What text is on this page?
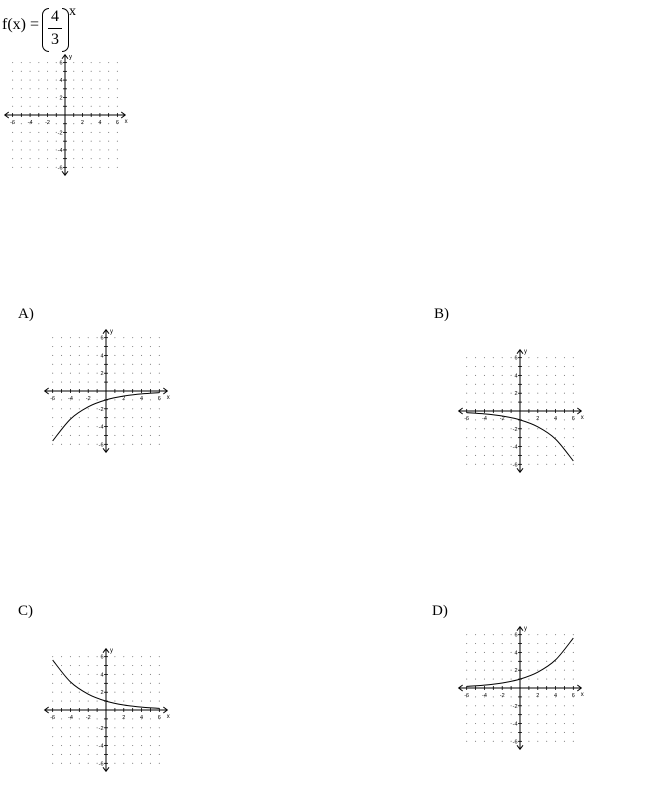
f(x) = 4
3
x
-6 -4 -2	2	4	6
6
4
2
-2
-4
-6
x
y
A)
-6 -4 -2	2	4	6
6
4
2
-2
-4
-6
x
y
B)
-6 -4 -2	2	4	6
6
4
2
-2
-4
-6
x
y
C)
-6 -4 -2	2	4	6
6
4
2
-2
-4
-6
x
y
D)
-6 -4 -2	2	4	6
6
4
2
-2
-4
-6
x
y
